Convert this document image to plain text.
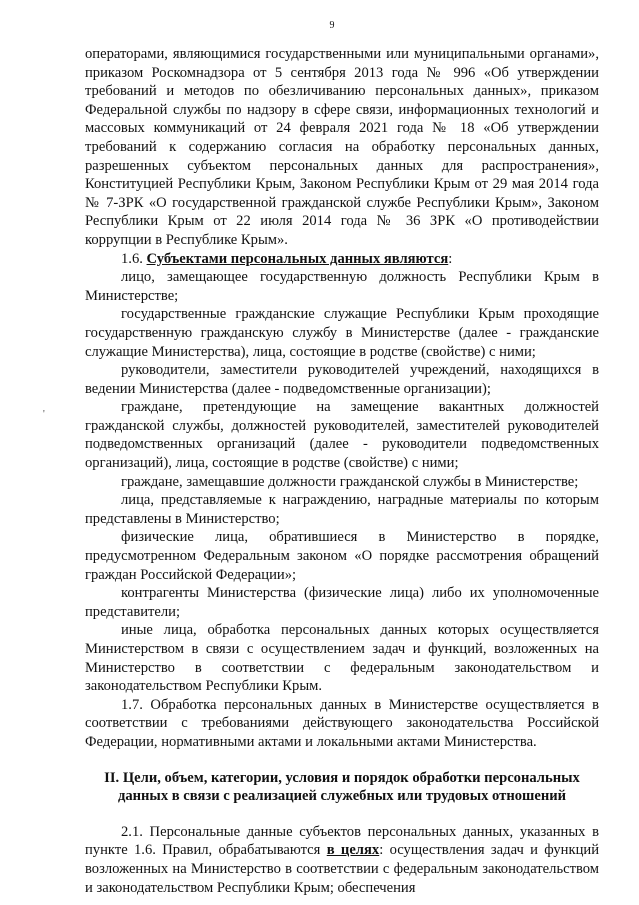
9

операторами, являющимися государственными или муниципальными органами», приказом Роскомнадзора от 5 сентября 2013 года № 996 «Об утверждении требований и методов по обезличиванию персональных данных», приказом Федеральной службы по надзору в сфере связи, информационных технологий и массовых коммуникаций от 24 февраля 2021 года № 18 «Об утверждении требований к содержанию согласия на обработку персональных данных, разрешенных субъектом персональных данных для распространения», Конституцией Республики Крым, Законом Республики Крым от 29 мая 2014 года № 7-ЗРК «О государственной гражданской службе Республики Крым», Законом Республики Крым от 22 июля 2014 года № 36 ЗРК «О противодействии коррупции в Республике Крым».

1.6. Субъектами персональных данных являются:

лицо, замещающее государственную должность Республики Крым в Министерстве;

государственные гражданские служащие Республики Крым проходящие государственную гражданскую службу в Министерстве (далее - гражданские служащие Министерства), лица, состоящие в родстве (свойстве) с ними;

руководители, заместители руководителей учреждений, находящихся в ведении Министерства (далее - подведомственные организации);

граждане, претендующие на замещение вакантных должностей гражданской службы, должностей руководителей, заместителей руководителей подведомственных организаций (далее - руководители подведомственных организаций), лица, состоящие в родстве (свойстве) с ними;

граждане, замещавшие должности гражданской службы в Министерстве;

лица, представляемые к награждению, наградные материалы по которым представлены в Министерство;

физические лица, обратившиеся в Министерство в порядке, предусмотренном Федеральным законом «О порядке рассмотрения обращений граждан Российской Федерации»;

контрагенты Министерства (физические лица) либо их уполномоченные представители;

иные лица, обработка персональных данных которых осуществляется Министерством в связи с осуществлением задач и функций, возложенных на Министерство в соответствии с федеральным законодательством и законодательством Республики Крым.

1.7. Обработка персональных данных в Министерстве осуществляется в соответствии с требованиями действующего законодательства Российской Федерации, нормативными актами и локальными актами Министерства.

II. Цели, объем, категории, условия и порядок обработки персональных данных в связи с реализацией служебных или трудовых отношений

2.1. Персональные данные субъектов персональных данных, указанных в пункте 1.6. Правил, обрабатываются в целях: осуществления задач и функций возложенных на Министерство в соответствии с федеральным законодательством и законодательством Республики Крым; обеспечения

'
